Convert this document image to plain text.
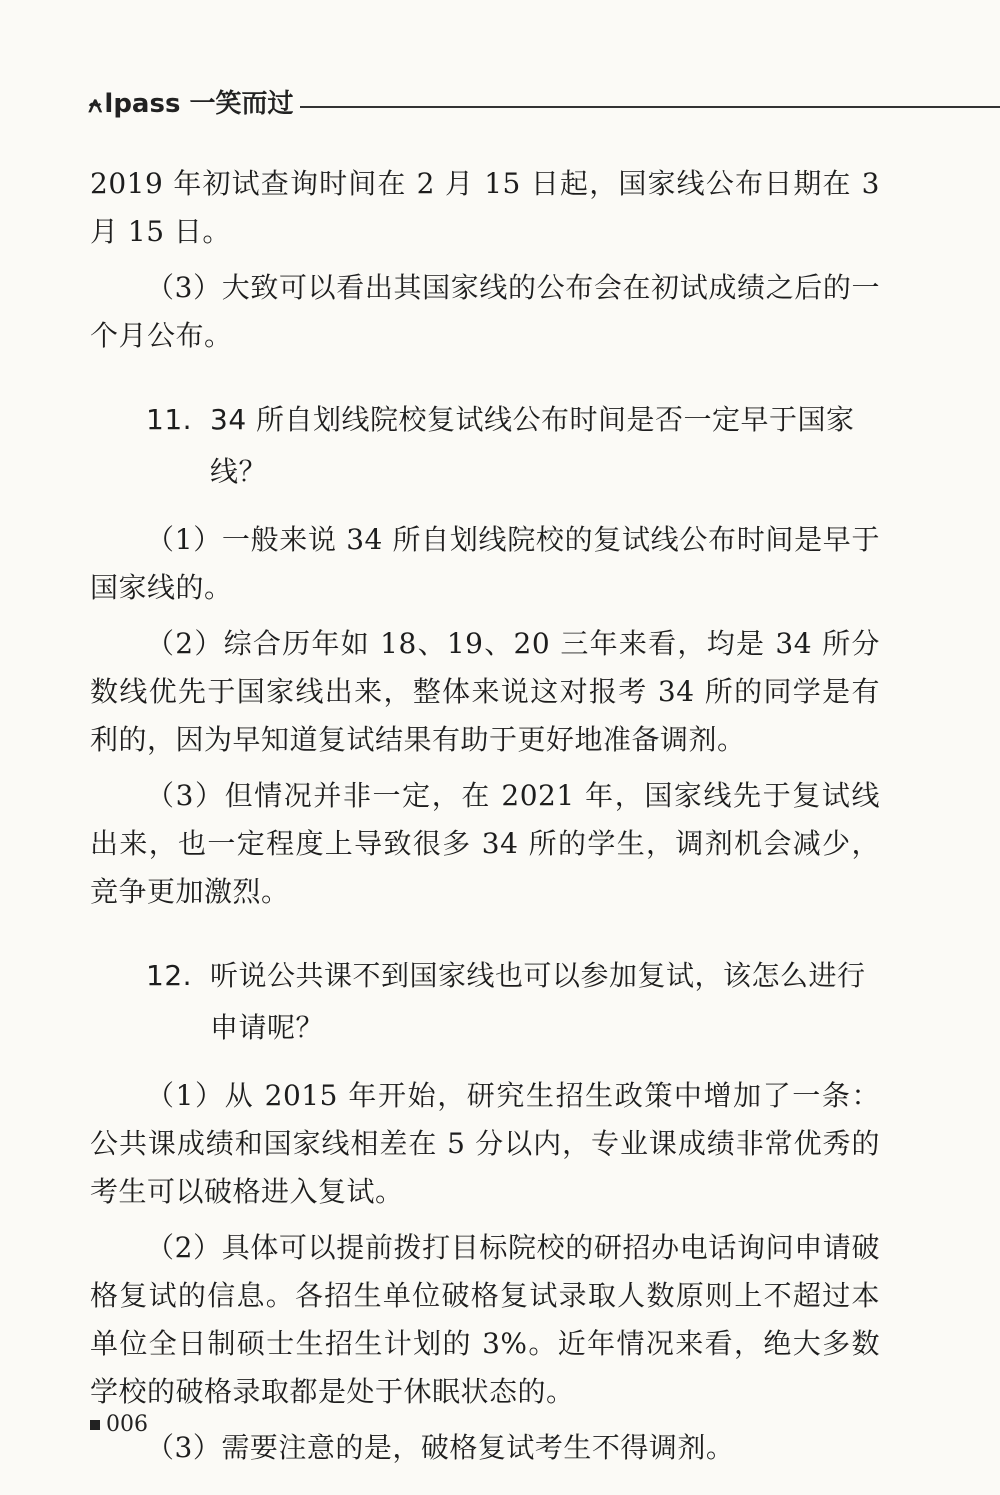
⍲lpass 一笑而过

2019 年初试查询时间在 2 月 15 日起，国家线公布日期在 3 月 15 日。

（3）大致可以看出其国家线的公布会在初试成绩之后的一个月公布。

11. 34 所自划线院校复试线公布时间是否一定早于国家线？

（1）一般来说 34 所自划线院校的复试线公布时间是早于国家线的。

（2）综合历年如 18、19、20 三年来看，均是 34 所分数线优先于国家线出来，整体来说这对报考 34 所的同学是有利的，因为早知道复试结果有助于更好地准备调剂。

（3）但情况并非一定，在 2021 年，国家线先于复试线出来，也一定程度上导致很多 34 所的学生，调剂机会减少，竞争更加激烈。

12. 听说公共课不到国家线也可以参加复试，该怎么进行申请呢？

（1）从 2015 年开始，研究生招生政策中增加了一条：公共课成绩和国家线相差在 5 分以内，专业课成绩非常优秀的考生可以破格进入复试。

（2）具体可以提前拨打目标院校的研招办电话询问申请破格复试的信息。各招生单位破格复试录取人数原则上不超过本单位全日制硕士生招生计划的 3%。近年情况来看，绝大多数学校的破格录取都是处于休眠状态的。

（3）需要注意的是，破格复试考生不得调剂。

006
